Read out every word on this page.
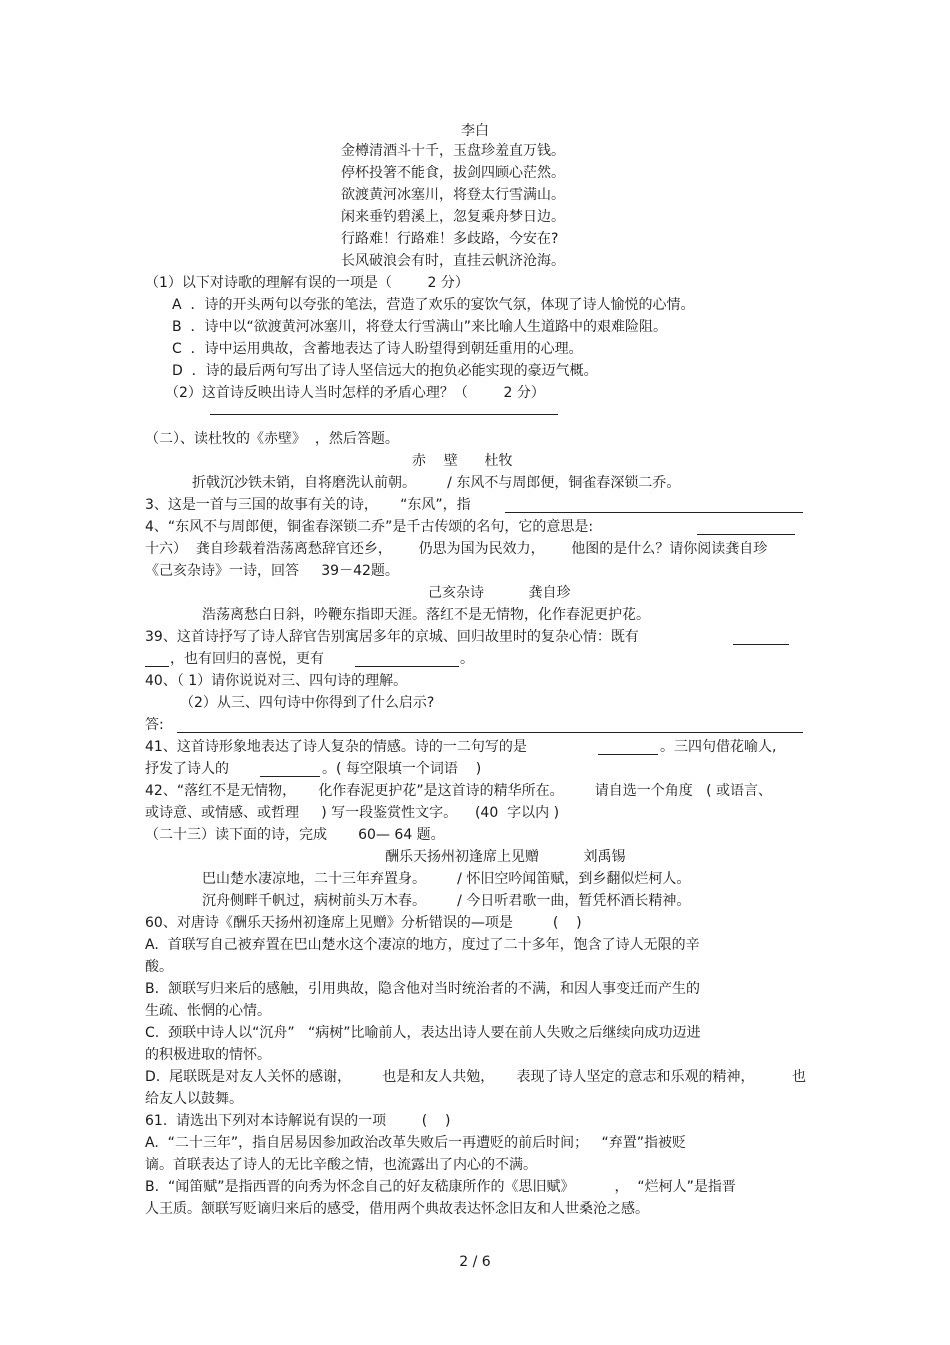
李白
金樽清酒斗十千，玉盘珍羞直万钱。
停杯投箸不能食，拔剑四顾心茫然。
欲渡黄河冰塞川，将登太行雪满山。
闲来垂钓碧溪上，忽复乘舟梦日边。
行路难！行路难！多歧路，今安在?
长风破浪会有时，直挂云帆济沧海。
（1）以下对诗歌的理解有误的一项是（        2 分）
A  ．诗的开头两句以夸张的笔法，营造了欢乐的宴饮气氛，体现了诗人愉悦的心情。
B  ．诗中以“欲渡黄河冰塞川，将登太行雪满山”来比喻人生道路中的艰难险阻。
C  ．诗中运用典故，含蓄地表达了诗人盼望得到朝廷重用的心理。
D  ．诗的最后两句写出了诗人坚信远大的抱负必能实现的豪迈气概。
（2）这首诗反映出诗人当时怎样的矛盾心理？（        2 分）
（二）、读杜牧的《赤壁》  ，然后答题。
赤    壁      杜牧
折戟沉沙铁未销，自将磨洗认前朝。       / 东风不与周郎便，铜雀春深锁二乔。
3、这是一首与三国的故事有关的诗，     “东风”，指
4、“东风不与周郎便，铜雀春深锁二乔”是千古传颂的名句，它的意思是:
十六）  龚自珍载着浩荡离愁辞官还乡，      仍思为国为民效力，      他图的是什么？请你阅读龚自珍
《己亥杂诗》一诗，回答     39－42题。
己亥杂诗          龚自珍
浩荡离愁白日斜，吟鞭东指即天涯。落红不是无情物，化作春泥更护花。
39、这首诗抒写了诗人辞官告别寓居多年的京城、回归故里时的复杂心情：既有
，也有回归的喜悦，更有	。
40、（ 1）请你说说对三、四句诗的理解。
（2）从三、四句诗中你得到了什么启示?
答:
41、这首诗形象地表达了诗人复杂的情感。诗的一二句写的是	。三四句借花喻人,
抒发了诗人的	。( 每空限填一个词语    )
42、“落红不是无情物，     化作春泥更护花”是这首诗的精华所在。       请自选一个角度   ( 或语言、
或诗意、或情感、或哲理     ) 写一段鉴赏性文字。    (40  字以内 )
（二十三）读下面的诗，完成       60— 64 题。
酬乐天扬州初逢席上见赠          刘禹锡
巴山楚水凄凉地，二十三年弃置身。       / 怀旧空吟闻笛赋，到乡翻似烂柯人。
沉舟侧畔千帆过，病树前头万木春。       / 今日听君歌一曲，暂凭杯酒长精神。
60、对唐诗《酬乐天扬州初逢席上见赠》分析错误的—项是         (    )
A.  首联写自己被弃置在巴山楚水这个凄凉的地方，度过了二十多年，饱含了诗人无限的辛
酸。
B.  颔联写归来后的感触，引用典故，隐含他对当时统治者的不满，和因人事变迁而产生的
生疏、怅惘的心情。
C.  颈联中诗人以“沉舟”   “病树”比喻前人，表达出诗人要在前人失败之后继续向成功迈进
的积极进取的情怀。
D.  尾联既是对友人关怀的感谢，       也是和友人共勉，     表现了诗人坚定的意志和乐观的精神，	也
给友人以鼓舞。
61.  请选出下列对本诗解说有误的一项        (    )
A.  “二十三年”，指自居易因参加政治改革失败后一再遭贬的前后时间；   “弃置”指被贬
谪。首联表达了诗人的无比辛酸之情，也流露出了内心的不满。
B.  “闻笛赋”是指西晋的向秀为怀念自己的好友嵇康所作的《思旧赋》         ，  “烂柯人”是指晋
人王质。颔联写贬谪归来后的感受，借用两个典故表达怀念旧友和人世桑沧之感。
2 / 6
